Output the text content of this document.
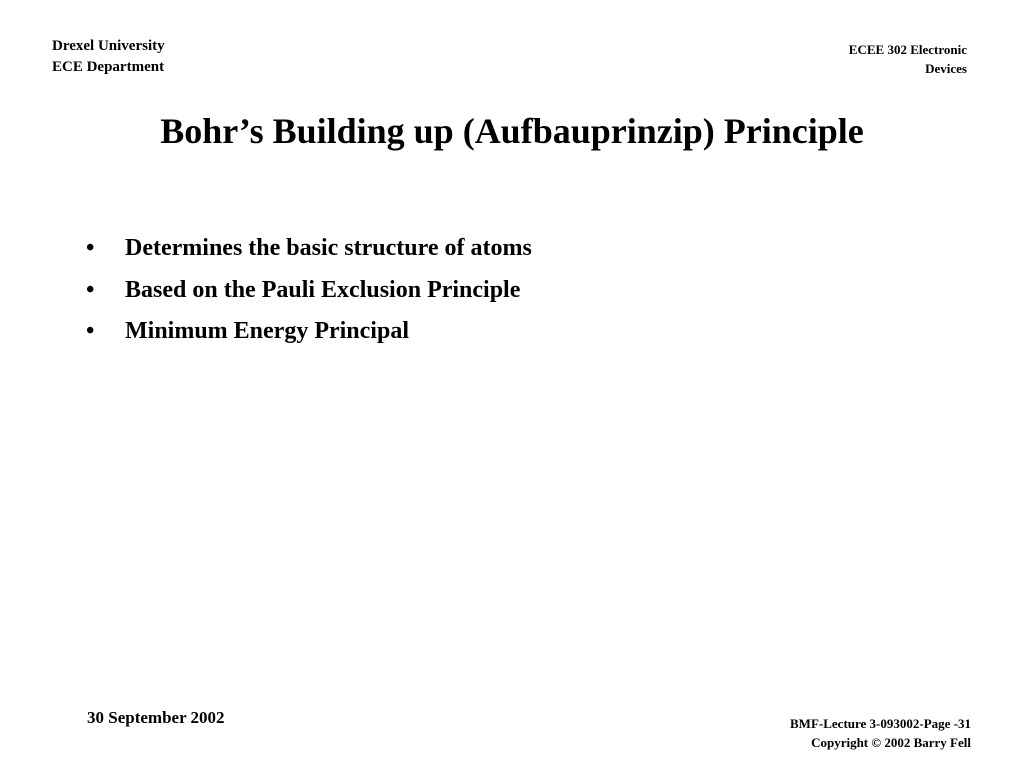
Drexel University
ECE Department
ECEE 302 Electronic
Devices
Bohr’s Building up (Aufbauprinzip) Principle
•	Determines the basic structure of atoms
•	Based on the Pauli Exclusion Principle
•	Minimum Energy Principal
30 September 2002	BMF-Lecture 3-093002-Page -31
Copyright © 2002 Barry Fell
